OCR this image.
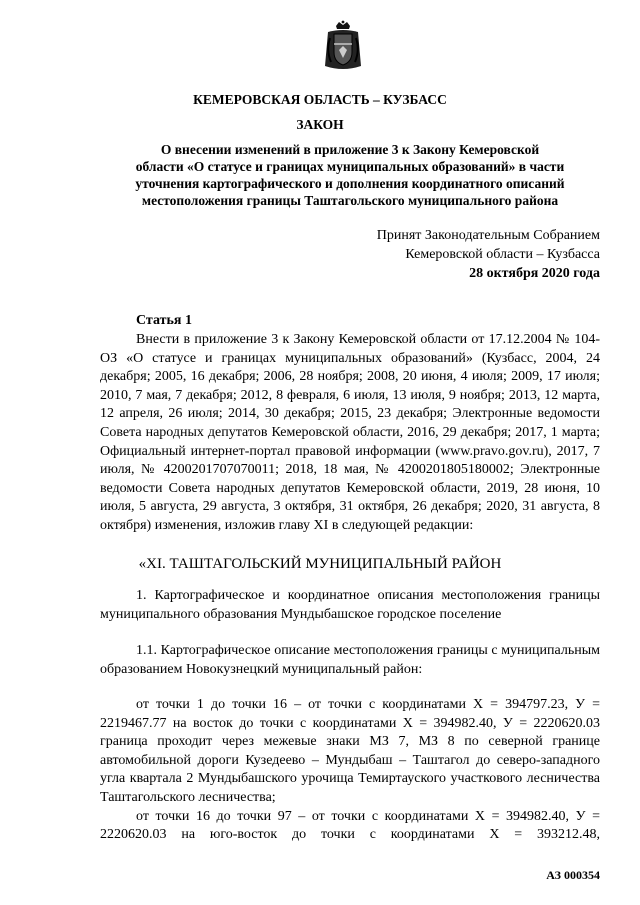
КЕМЕРОВСКАЯ ОБЛАСТЬ – КУЗБАСС
ЗАКОН
О внесении изменений в приложение 3 к Закону Кемеровской
области «О статусе и границах муниципальных образований» в части
уточнения картографического и дополнения координатного описаний
местоположения границы Таштагольского муниципального района
Принят Законодательным Собранием
Кемеровской области – Кузбасса
28 октября 2020 года
Статья 1

Внести в приложение 3 к Закону Кемеровской области от 17.12.2004 № 104-ОЗ «О статусе и границах муниципальных образований» (Кузбасс, 2004, 24 декабря; 2005, 16 декабря; 2006, 28 ноября; 2008, 20 июня, 4 июля; 2009, 17 июля; 2010, 7 мая, 7 декабря; 2012, 8 февраля, 6 июля, 13 июля, 9 ноября; 2013, 12 марта, 12 апреля, 26 июля; 2014, 30 декабря; 2015, 23 декабря; Электронные ведомости Совета народных депутатов Кемеровской области, 2016, 29 декабря; 2017, 1 марта; Официальный интернет-портал правовой информации (www.pravo.gov.ru), 2017, 7 июля, № 4200201707070011; 2018, 18 мая, № 4200201805180002; Электронные ведомости Совета народных депутатов Кемеровской области, 2019, 28 июня, 10 июля, 5 августа, 29 августа, 3 октября, 31 октября, 26 декабря; 2020, 31 августа, 8 октября) изменения, изложив главу XI в следующей редакции:

«XI. ТАШТАГОЛЬСКИЙ МУНИЦИПАЛЬНЫЙ РАЙОН

1. Картографическое и координатное описания местоположения границы муниципального образования Мундыбашское городское поселение

1.1. Картографическое описание местоположения границы с муниципальным образованием Новокузнецкий муниципальный район:

от точки 1 до точки 16 – от точки с координатами X = 394797.23, У = 2219467.77 на восток до точки с координатами X = 394982.40, У = 2220620.03 граница проходит через межевые знаки МЗ 7, МЗ 8 по северной границе автомобильной дороги Кузедеево – Мундыбаш – Таштагол до северо-западного угла квартала 2 Мундыбашского урочища Темиртауского участкового лесничества Таштагольского лесничества;

от точки 16 до точки 97 – от точки с координатами X = 394982.40, У = 2220620.03 на юго-восток до точки с координатами X = 393212.48,

АЗ 000354
